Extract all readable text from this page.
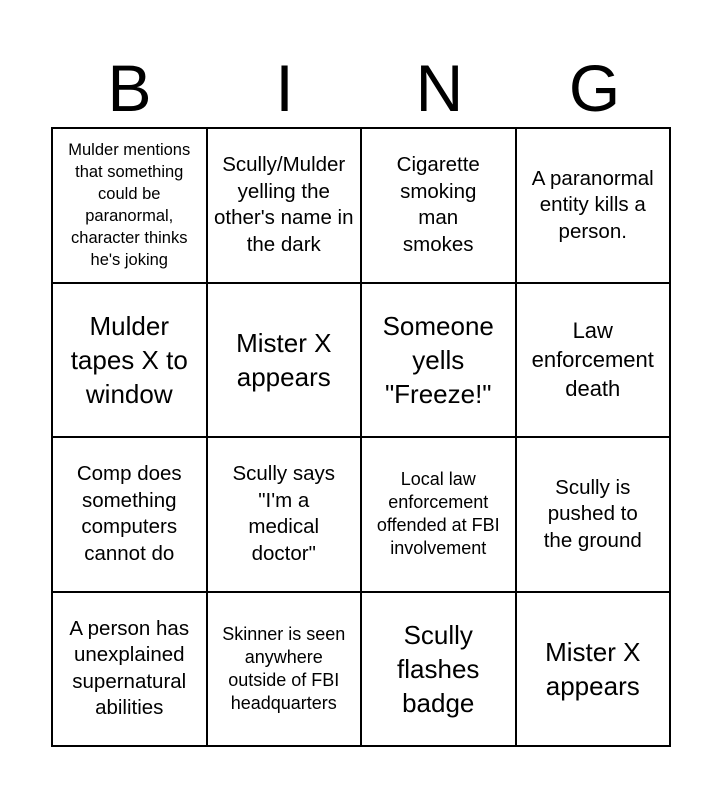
B	I	N	G
Mulder mentions that something could be paranormal, character thinks he's joking
Scully/Mulder yelling the other's name in the dark
Cigarette smoking man smokes
A paranormal entity kills a person.
Mulder tapes X to window
Mister X appears
Someone yells "Freeze!"
Law enforcement death
Comp does something computers cannot do
Scully says "I'm a medical doctor"
Local law enforcement offended at FBI involvement
Scully is pushed to the ground
A person has unexplained supernatural abilities
Skinner is seen anywhere outside of FBI headquarters
Scully flashes badge
Mister X appears
